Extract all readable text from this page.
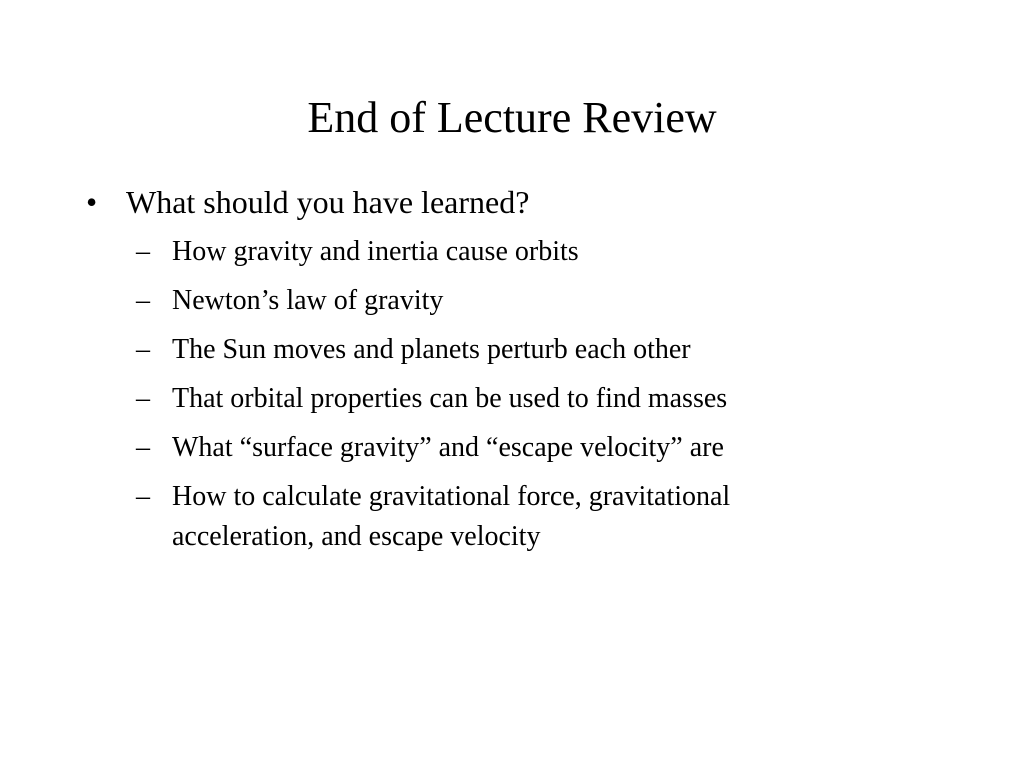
End of Lecture Review
• What should you have learned?
– How gravity and inertia cause orbits
– Newton’s law of gravity
– The Sun moves and planets perturb each other
– That orbital properties can be used to find masses
– What “surface gravity” and “escape velocity” are
– How to calculate gravitational force, gravitational acceleration, and escape velocity
